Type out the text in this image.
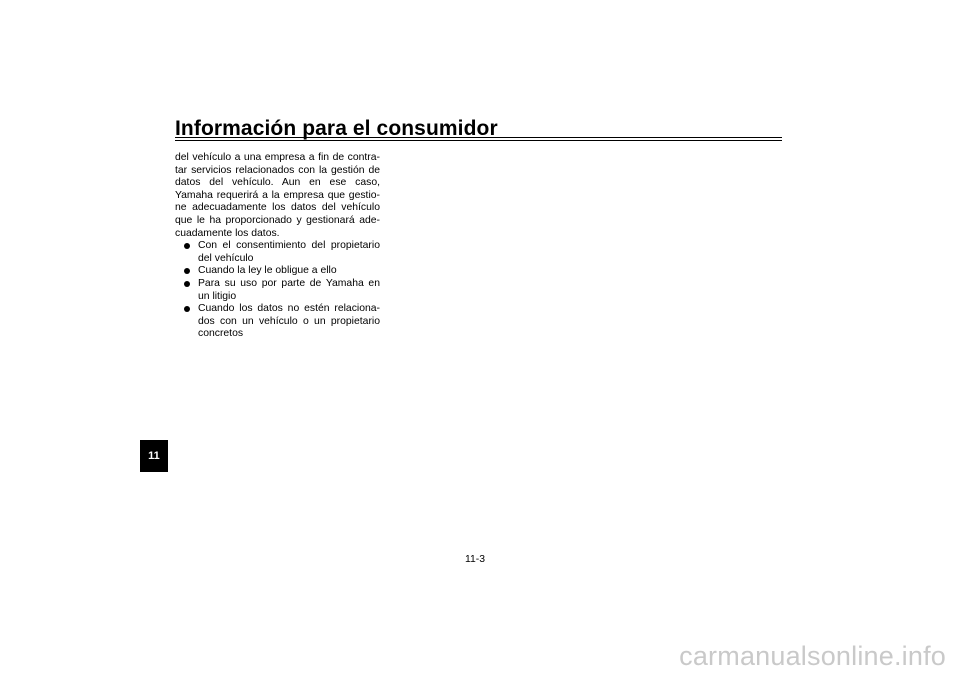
Información para el consumidor
11
del vehículo a una empresa a fin de contra-
tar servicios relacionados con la gestión de
datos del vehículo. Aun en ese caso,
Yamaha requerirá a la empresa que gestio-
ne adecuadamente los datos del vehículo
que le ha proporcionado y gestionará ade-
cuadamente los datos.
Con el consentimiento del propietario
del vehículo
Cuando la ley le obligue a ello
Para su uso por parte de Yamaha en
un litigio
Cuando los datos no estén relaciona-
dos con un vehículo o un propietario
concretos
11-3
carmanualsonline.info
